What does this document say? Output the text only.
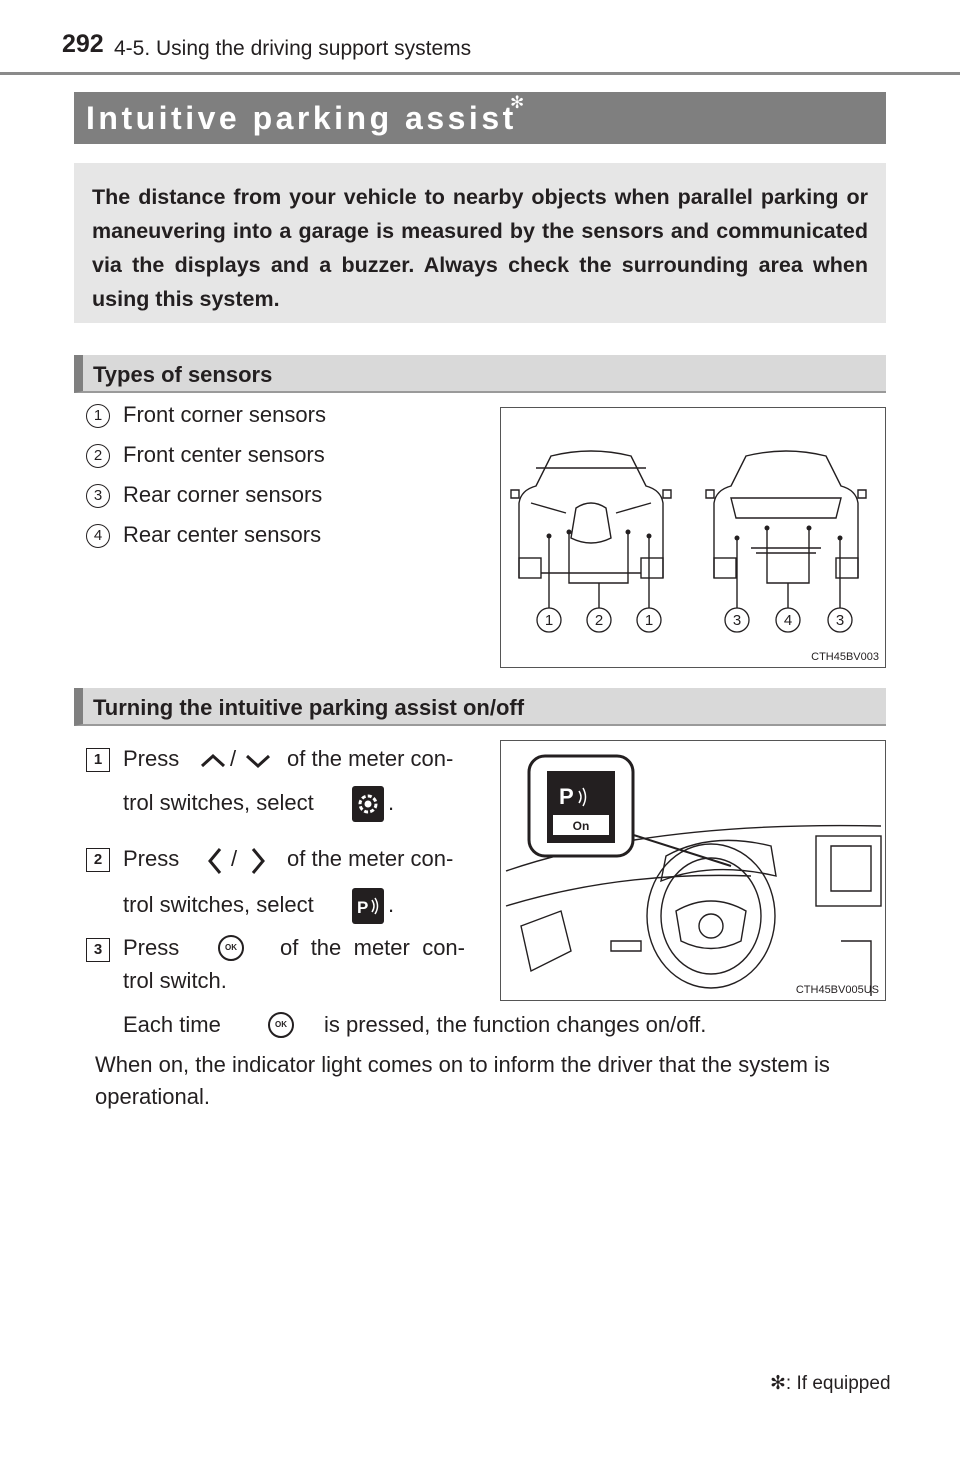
292 4-5. Using the driving support systems
Intuitive parking assist
✻
The distance from your vehicle to nearby objects when parallel parking or maneuvering into a garage is measured by the sensors and communicated via the displays and a buzzer. Always check the surrounding area when using this system.
Types of sensors
1 Front corner sensors
2 Front center sensors
3 Rear corner sensors
4 Rear center sensors
1	2	1	3	4	3
CTH45BV003
Turning the intuitive parking assist on/off
1 Press / of the meter con-
trol switches, select	.
2 Press / of the meter con-
trol switches, select	P .
3 Press	OK	of the meter con-
trol switch.
Each time	OK	is pressed, the function changes on/off.
When on, the indicator light comes on to inform the driver that the system is operational.
P
On
CTH45BV005US
✻: If equipped
